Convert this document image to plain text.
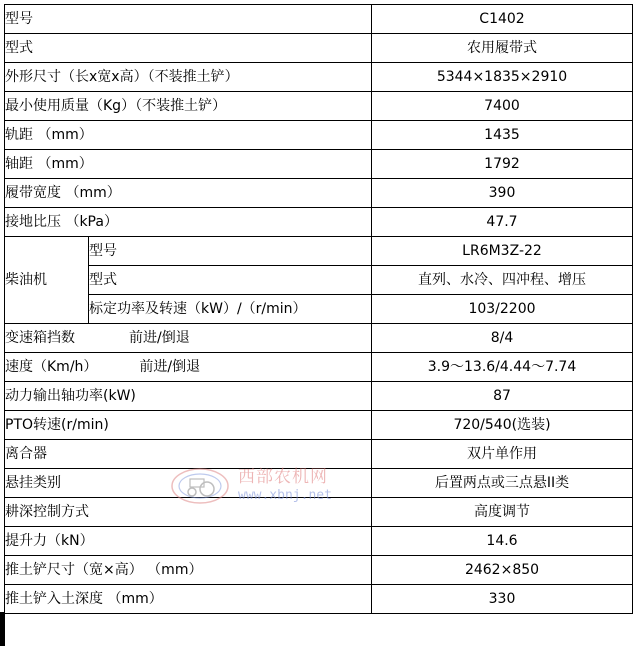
型号		C1402
型式		农用履带式
外形尺寸（长x宽x高）（不装推土铲）		5344×1835×2910
最小使用质量（Kg）（不装推土铲）		7400
轨距 （mm）		1435
轴距 （mm）		1792
履带宽度 （mm）		390
接地比压 （kPa）		47.7
柴油机	型号	LR6M3Z-22
	型式	直列、水冷、四冲程、增压
	标定功率及转速（kW）/（r/min）	103/2200
变速箱挡数 前进/倒退		8/4
速度（Km/h） 前进/倒退		3.9～13.6/4.44～7.74
动力输出轴功率(kW)		87
PTO转速(r/min)		720/540(选装)
离合器		双片单作用
悬挂类别		后置两点或三点悬II类
耕深控制方式		高度调节
提升力（kN）		14.6
推土铲尺寸（宽×高） （mm）		2462×850
推土铲入土深度 （mm）		330
西部农机网
www.xbnj.net
